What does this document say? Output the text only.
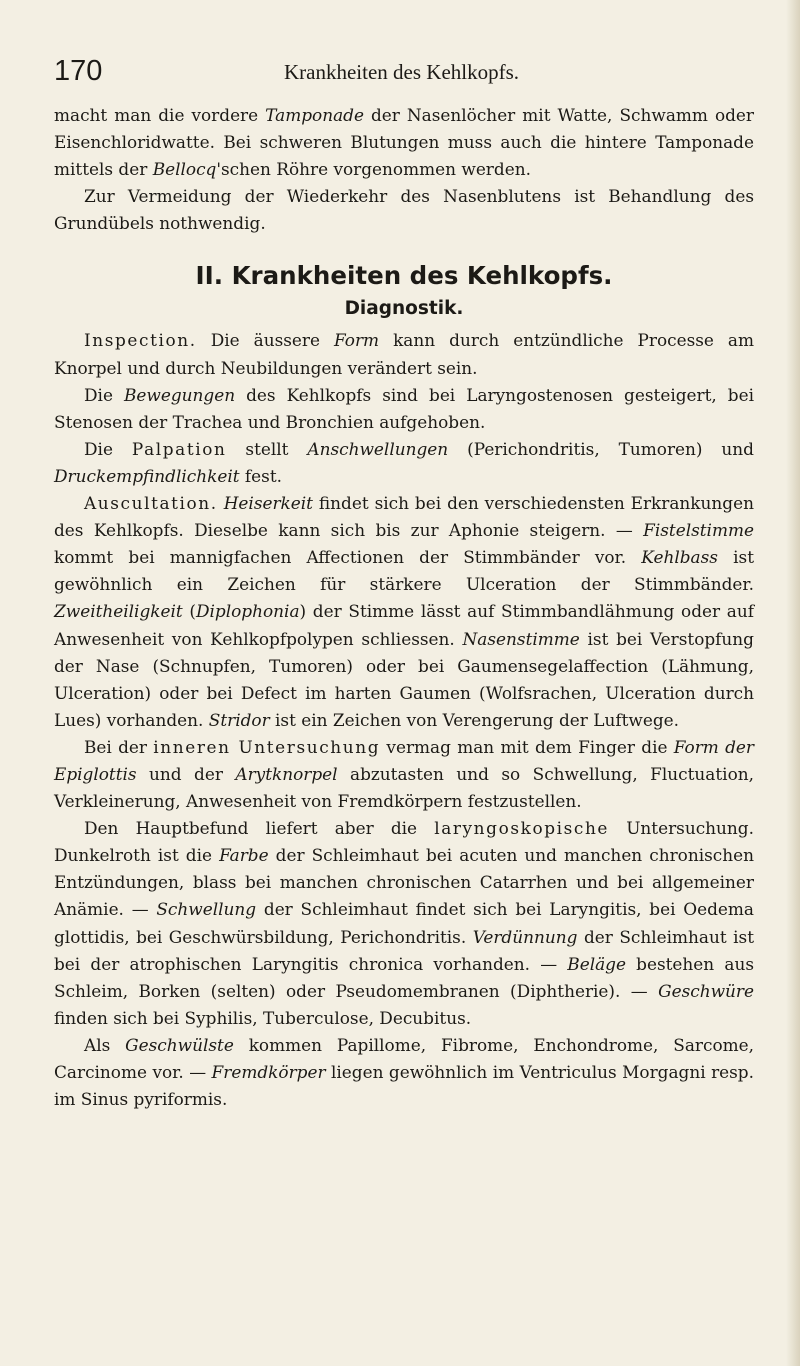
170	Krankheiten des Kehlkopfs.

macht man die vordere Tamponade der Nasenlöcher mit Watte, Schwamm oder Eisenchloridwatte. Bei schweren Blutungen muss auch die hintere Tamponade mittels der Bellocq'schen Röhre vorgenommen werden.

Zur Vermeidung der Wiederkehr des Nasenblutens ist Behandlung des Grundübels nothwendig.

II. Krankheiten des Kehlkopfs.
Diagnostik.

Inspection. Die äussere Form kann durch entzündliche Processe am Knorpel und durch Neubildungen verändert sein.

Die Bewegungen des Kehlkopfs sind bei Laryngostenosen gesteigert, bei Stenosen der Trachea und Bronchien aufgehoben.

Die Palpation stellt Anschwellungen (Perichondritis, Tumoren) und Druckempfindlichkeit fest.

Auscultation. Heiserkeit findet sich bei den verschiedensten Erkrankungen des Kehlkopfs. Dieselbe kann sich bis zur Aphonie steigern. — Fistelstimme kommt bei mannigfachen Affectionen der Stimmbänder vor. Kehlbass ist gewöhnlich ein Zeichen für stärkere Ulceration der Stimmbänder. Zweitheiligkeit (Diplophonia) der Stimme lässt auf Stimmbandlähmung oder auf Anwesenheit von Kehlkopfpolypen schliessen. Nasenstimme ist bei Verstopfung der Nase (Schnupfen, Tumoren) oder bei Gaumensegelaffection (Lähmung, Ulceration) oder bei Defect im harten Gaumen (Wolfsrachen, Ulceration durch Lues) vorhanden. Stridor ist ein Zeichen von Verengerung der Luftwege.

Bei der inneren Untersuchung vermag man mit dem Finger die Form der Epiglottis und der Arytknorpel abzutasten und so Schwellung, Fluctuation, Verkleinerung, Anwesenheit von Fremdkörpern festzustellen.

Den Hauptbefund liefert aber die laryngoskopische Untersuchung. Dunkelroth ist die Farbe der Schleimhaut bei acuten und manchen chronischen Entzündungen, blass bei manchen chronischen Catarrhen und bei allgemeiner Anämie. — Schwellung der Schleimhaut findet sich bei Laryngitis, bei Oedema glottidis, bei Geschwürsbildung, Perichondritis. Verdünnung der Schleimhaut ist bei der atrophischen Laryngitis chronica vorhanden. — Beläge bestehen aus Schleim, Borken (selten) oder Pseudomembranen (Diphtherie). — Geschwüre finden sich bei Syphilis, Tuberculose, Decubitus.

Als Geschwülste kommen Papillome, Fibrome, Enchondrome, Sarcome, Carcinome vor. — Fremdkörper liegen gewöhnlich im Ventriculus Morgagni resp. im Sinus pyriformis.
